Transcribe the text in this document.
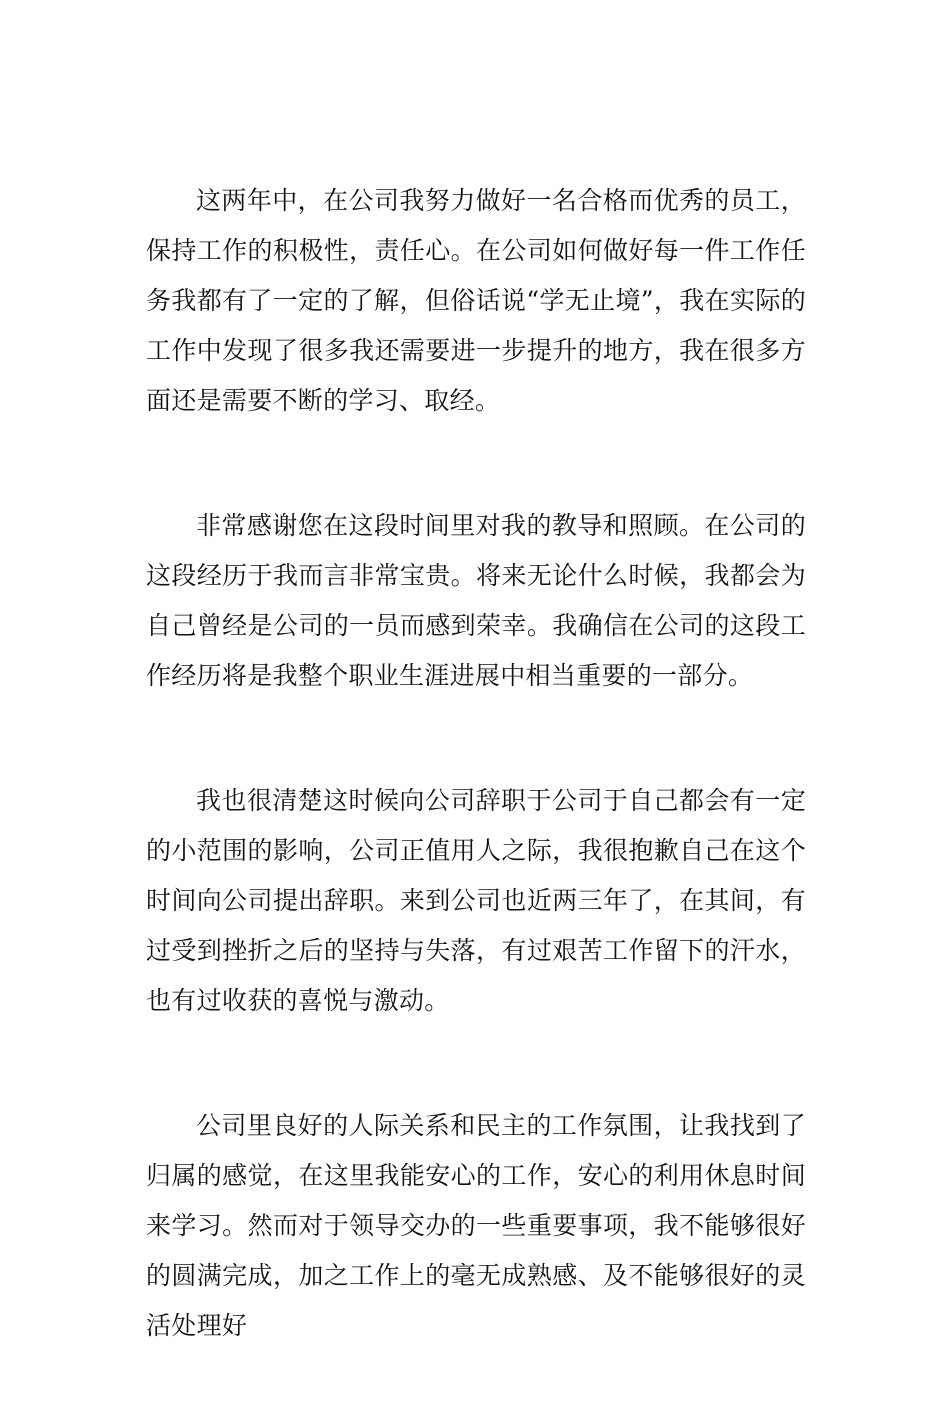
这两年中，在公司我努力做好一名合格而优秀的员工，保持工作的积极性，责任心。在公司如何做好每一件工作任务我都有了一定的了解，但俗话说“学无止境”，我在实际的工作中发现了很多我还需要进一步提升的地方，我在很多方面还是需要不断的学习、取经。

非常感谢您在这段时间里对我的教导和照顾。在公司的这段经历于我而言非常宝贵。将来无论什么时候，我都会为自己曾经是公司的一员而感到荣幸。我确信在公司的这段工作经历将是我整个职业生涯进展中相当重要的一部分。

我也很清楚这时候向公司辞职于公司于自己都会有一定的小范围的影响，公司正值用人之际，我很抱歉自己在这个时间向公司提出辞职。来到公司也近两三年了，在其间，有过受到挫折之后的坚持与失落，有过艰苦工作留下的汗水，也有过收获的喜悦与激动。

公司里良好的人际关系和民主的工作氛围，让我找到了归属的感觉，在这里我能安心的工作，安心的利用休息时间来学习。然而对于领导交办的一些重要事项，我不能够很好的圆满完成，加之工作上的毫无成熟感、及不能够很好的灵活处理好
